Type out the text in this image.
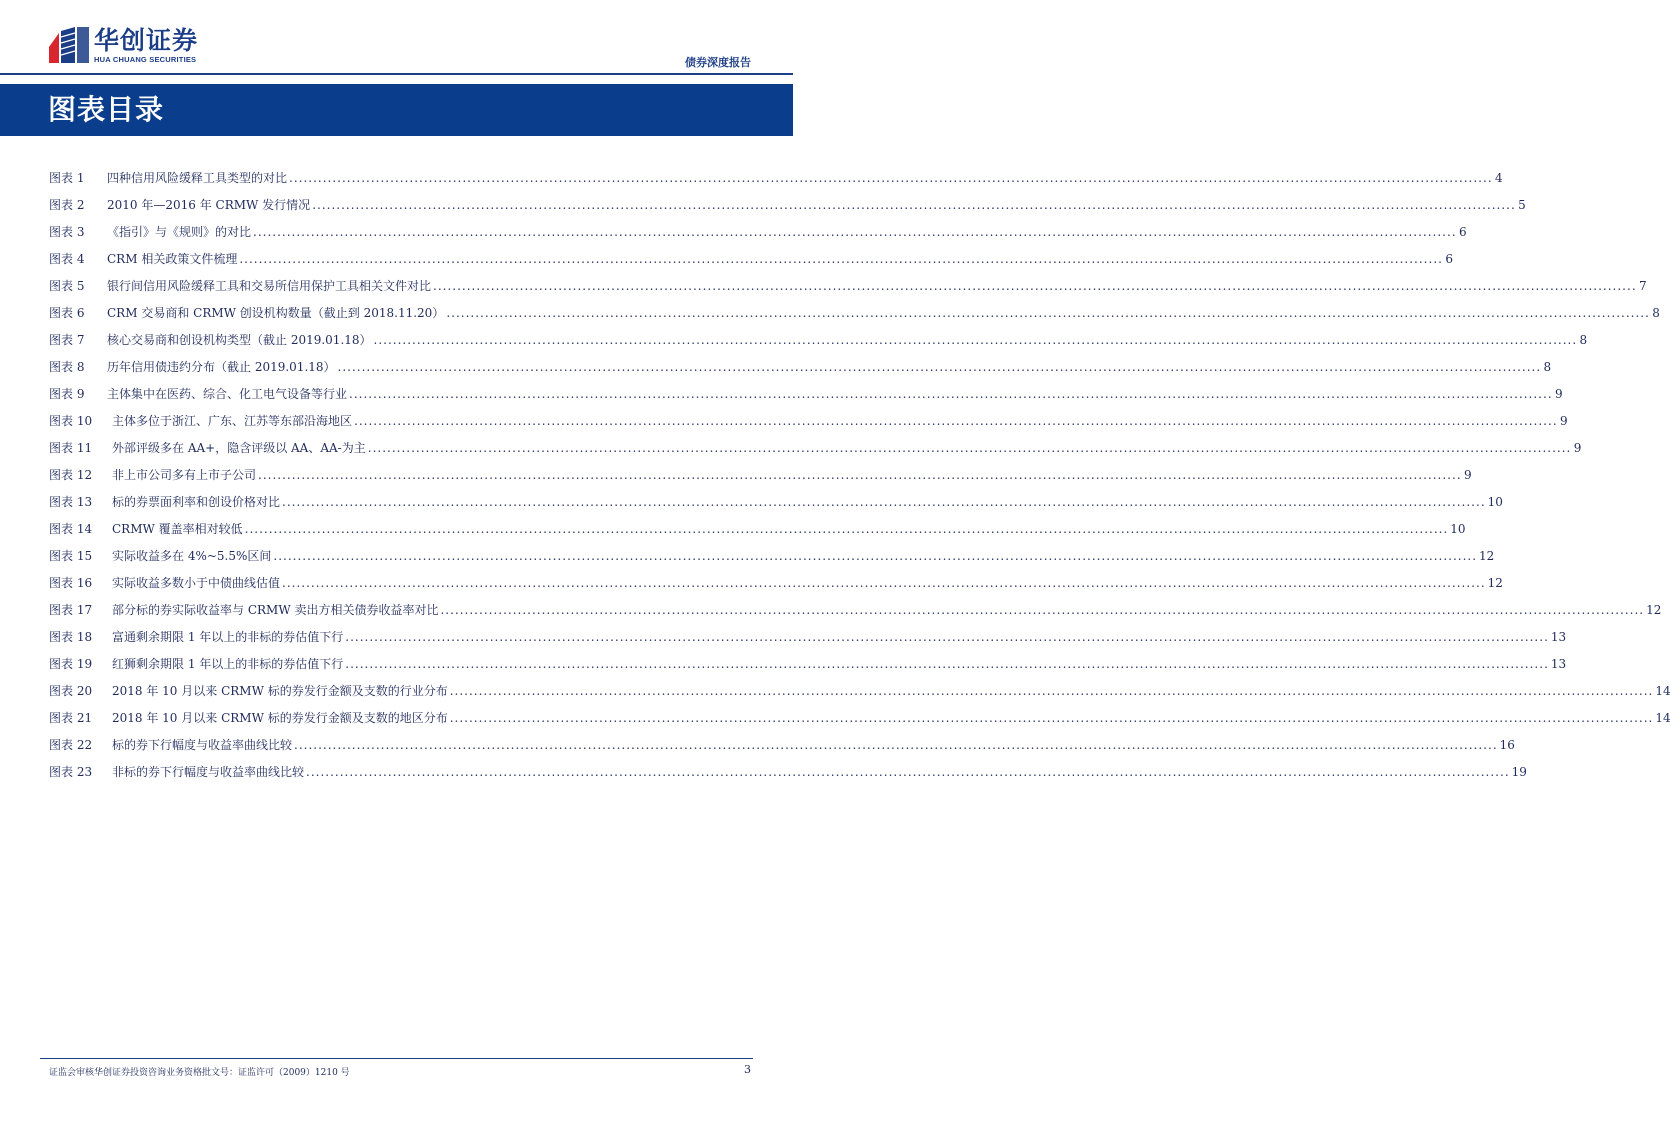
华创证券
HUA CHUANG SECURITIES	债券深度报告
图表目录
图表 1	四种信用风险缓释工具类型的对比 .....	4
图表 2	2010 年—2016 年 CRMW 发行情况 .....	5
图表 3	《指引》与《规则》的对比 .....	6
图表 4	CRM 相关政策文件梳理 .....	6
图表 5	银行间信用风险缓释工具和交易所信用保护工具相关文件对比 .....	7
图表 6	CRM 交易商和 CRMW 创设机构数量（截止到 2018.11.20） .....	8
图表 7	核心交易商和创设机构类型（截止 2019.01.18） .....	8
图表 8	历年信用债违约分布（截止 2019.01.18） .....	8
图表 9	主体集中在医药、综合、化工电气设备等行业 .....	9
图表 10	主体多位于浙江、广东、江苏等东部沿海地区 .....	9
图表 11	外部评级多在 AA+，隐含评级以 AA、AA-为主 .....	9
图表 12	非上市公司多有上市子公司 .....	9
图表 13	标的券票面利率和创设价格对比 .....	10
图表 14	CRMW 覆盖率相对较低 .....	10
图表 15	实际收益多在 4%~5.5%区间 .....	12
图表 16	实际收益多数小于中债曲线估值 .....	12
图表 17	部分标的券实际收益率与 CRMW 卖出方相关债券收益率对比 .....	12
图表 18	富通剩余期限 1 年以上的非标的券估值下行 .....	13
图表 19	红狮剩余期限 1 年以上的非标的券估值下行 .....	13
图表 20	2018 年 10 月以来 CRMW 标的券发行金额及支数的行业分布 .....	14
图表 21	2018 年 10 月以来 CRMW 标的券发行金额及支数的地区分布 .....	14
图表 22	标的券下行幅度与收益率曲线比较 .....	16
图表 23	非标的券下行幅度与收益率曲线比较 .....	19
证监会审核华创证券投资咨询业务资格批文号：证监许可（2009）1210 号	3
